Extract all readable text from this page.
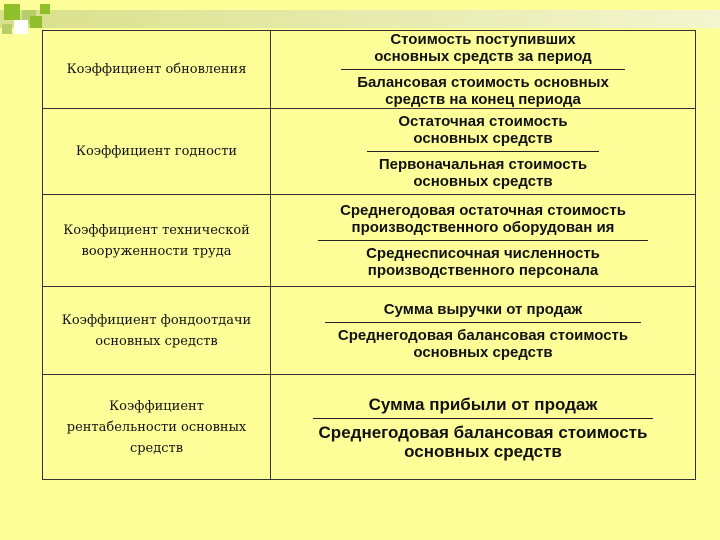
Коэффициент обновления
Стоимость поступивших
основных средств за период
Балансовая стоимость основных
средств на конец периода
Коэффициент годности
Остаточная стоимость
основных средств
Первоначальная стоимость
основных средств
Коэффициент технической
вооруженности труда
Среднегодовая остаточная стоимость
производственного оборудован ия
Среднесписочная численность
производственного персонала
Коэффициент фондоотдачи
основных средств
Сумма выручки от продаж
Среднегодовая балансовая стоимость
основных средств
Коэффициент
рентабельности основных
средств
Сумма прибыли от продаж
Среднегодовая балансовая стоимость
основных средств
